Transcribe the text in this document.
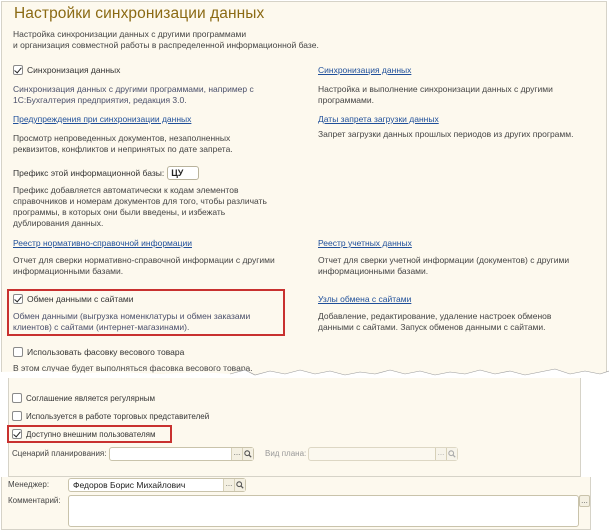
Настройки синхронизации данных
Настройка синхронизации данных с другими программами
и организация совместной работы в распределенной информационной базе.
Синхронизация данных
Синхронизация данных с другими программами, например с
1С:Бухгалтерия предприятия, редакция 3.0.
Предупреждения при синхронизации данных
Просмотр непроведенных документов, незаполненных
реквизитов, конфликтов и непринятых по дате запрета.
Префикс этой информационной базы: ЦУ
Префикс добавляется автоматически к кодам элементов
справочников и номерам документов для того, чтобы различать
программы, в которых они были введены, и избежать
дублирования данных.
Реестр нормативно-справочной информации
Отчет для сверки нормативно-справочной информации с другими
информационными базами.
Обмен данными с сайтами
Обмен данными (выгрузка номенклатуры и обмен заказами
клиентов) с сайтами (интернет-магазинами).
Использовать фасовку весового товара
В этом случае будет выполняться фасовка весового товара.
Синхронизация данных
Настройка и выполнение синхронизации данных с другими
программами.
Даты запрета загрузки данных
Запрет загрузки данных прошлых периодов из других программ.
Реестр учетных данных
Отчет для сверки учетной информации (документов) с другими
информационными базами.
Узлы обмена с сайтами
Добавление, редактирование, удаление настроек обменов
данными с сайтами. Запуск обменов данными с сайтами.
Соглашение является регулярным
Используется в работе торговых представителей
Доступно внешним пользователям
Сценарий планирования:	...	Вид плана:	...
Менеджер:	Федоров Борис Михайлович	...
Комментарий:	...
